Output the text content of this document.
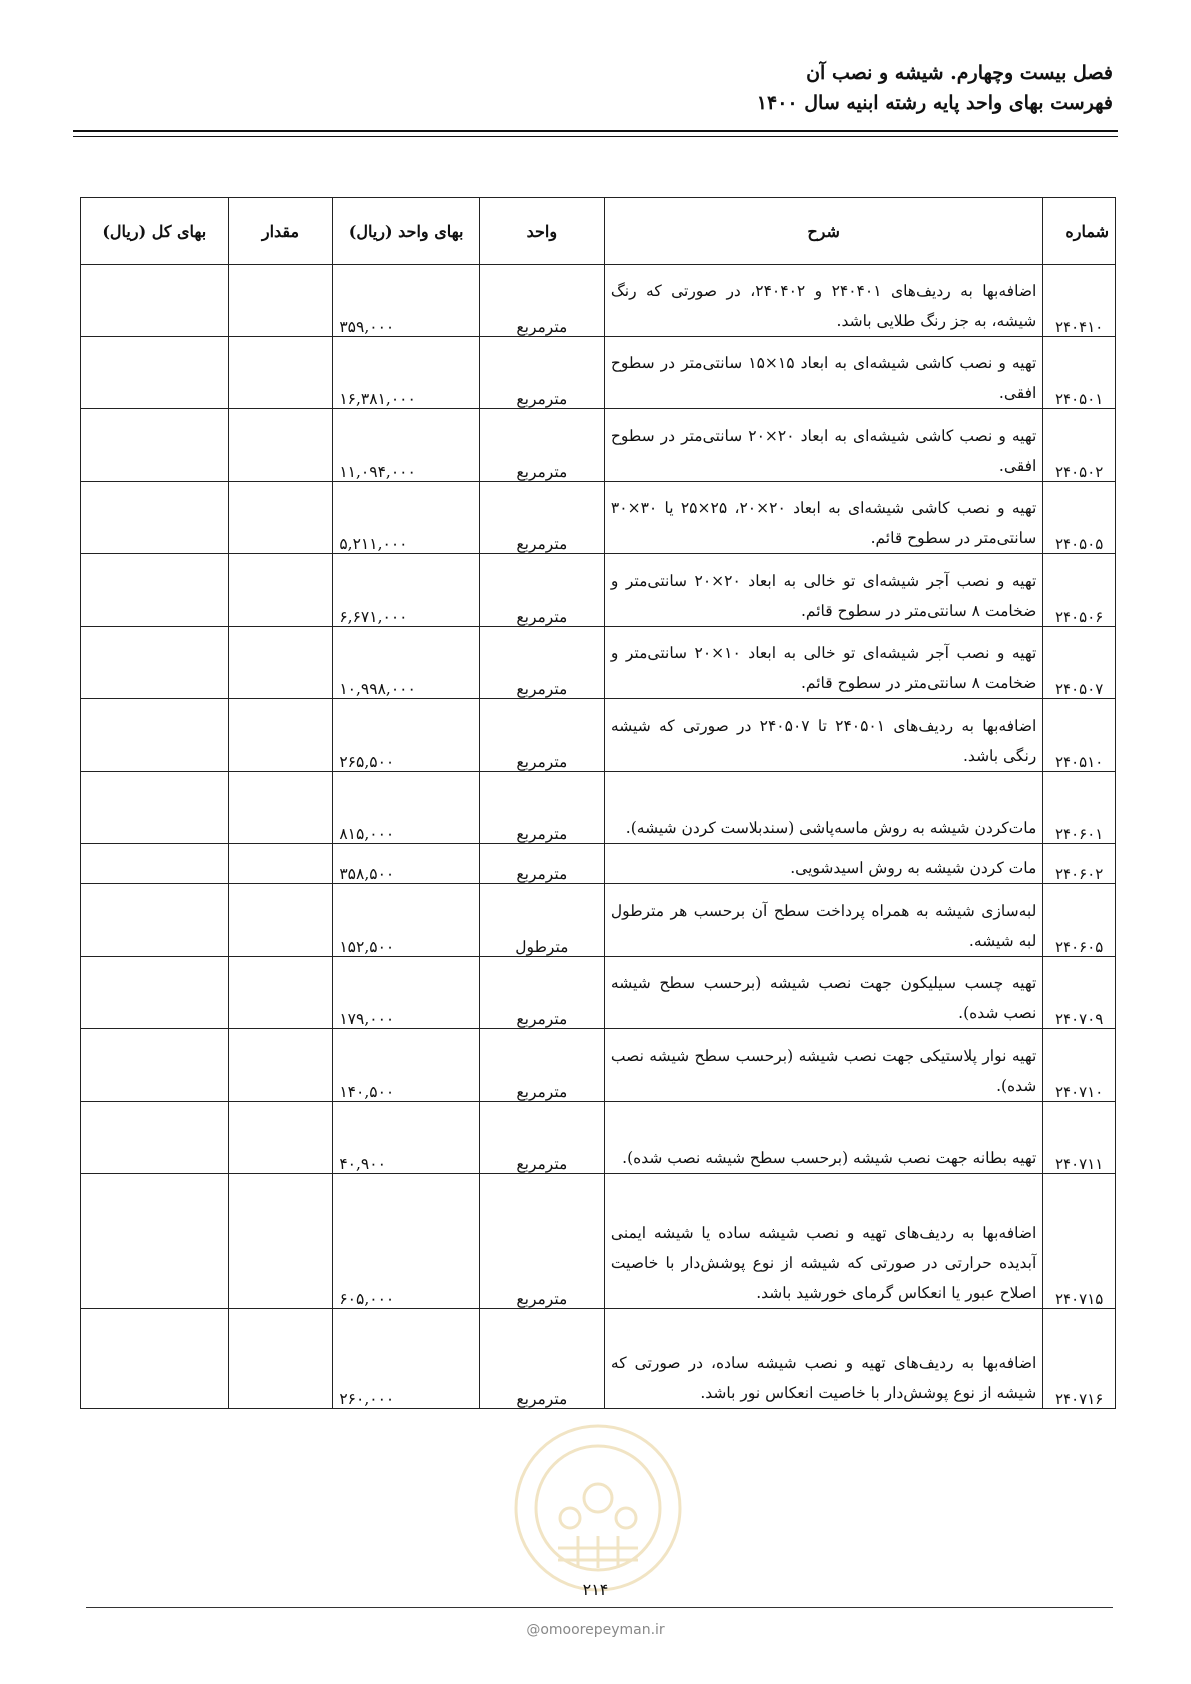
فصل بیست وچهارم. شیشه و نصب آن
فهرست بهای واحد پایه رشته ابنیه سال ۱۴۰۰
شماره	شرح	واحد	بهای واحد (ریال)	مقدار	بهای کل (ریال)
۲۴۰۴۱۰	اضافه‌بها به ردیف‌های ۲۴۰۴۰۱ و ۲۴۰۴۰۲، در صورتی که رنگ شیشه، به جز رنگ طلایی باشد.	مترمربع	۳۵۹,۰۰۰		
۲۴۰۵۰۱	تهیه و نصب کاشی شیشه‌ای به ابعاد ۱۵×۱۵ سانتی‌متر در سطوح افقی.	مترمربع	۱۶,۳۸۱,۰۰۰		
۲۴۰۵۰۲	تهیه و نصب کاشی شیشه‌ای به ابعاد ۲۰×۲۰ سانتی‌متر در سطوح افقی.	مترمربع	۱۱,۰۹۴,۰۰۰		
۲۴۰۵۰۵	تهیه و نصب کاشی شیشه‌ای به ابعاد ۲۰×۲۰، ۲۵×۲۵ یا ۳۰×۳۰ سانتی‌متر در سطوح قائم.	مترمربع	۵,۲۱۱,۰۰۰		
۲۴۰۵۰۶	تهیه و نصب آجر شیشه‌ای تو خالی به ابعاد ۲۰×۲۰ سانتی‌متر و ضخامت ۸ سانتی‌متر در سطوح قائم.	مترمربع	۶,۶۷۱,۰۰۰		
۲۴۰۵۰۷	تهیه و نصب آجر شیشه‌ای تو خالی به ابعاد ۱۰×۲۰ سانتی‌متر و ضخامت ۸ سانتی‌متر در سطوح قائم.	مترمربع	۱۰,۹۹۸,۰۰۰		
۲۴۰۵۱۰	اضافه‌بها به ردیف‌های ۲۴۰۵۰۱ تا ۲۴۰۵۰۷ در صورتی که شیشه رنگی باشد.	مترمربع	۲۶۵,۵۰۰		
۲۴۰۶۰۱	مات‌کردن شیشه به روش ماسه‌پاشی (سندبلاست کردن شیشه).	مترمربع	۸۱۵,۰۰۰		
۲۴۰۶۰۲	مات کردن شیشه به روش اسیدشویی.	مترمربع	۳۵۸,۵۰۰		
۲۴۰۶۰۵	لبه‌سازی شیشه به همراه پرداخت سطح آن برحسب هر مترطول لبه شیشه.	مترطول	۱۵۲,۵۰۰		
۲۴۰۷۰۹	تهیه چسب سیلیکون جهت نصب شیشه (برحسب سطح شیشه نصب شده).	مترمربع	۱۷۹,۰۰۰		
۲۴۰۷۱۰	تهیه نوار پلاستیکی جهت نصب شیشه (برحسب سطح شیشه نصب شده).	مترمربع	۱۴۰,۵۰۰		
۲۴۰۷۱۱	تهیه بطانه جهت نصب شیشه (برحسب سطح شیشه نصب شده).	مترمربع	۴۰,۹۰۰		
۲۴۰۷۱۵	اضافه‌بها به ردیف‌های تهیه و نصب شیشه ساده یا شیشه ایمنی آبدیده حرارتی در صورتی که شیشه از نوع پوشش‌دار با خاصیت اصلاح عبور یا انعکاس گرمای خورشید باشد.	مترمربع	۶۰۵,۰۰۰		
۲۴۰۷۱۶	اضافه‌بها به ردیف‌های تهیه و نصب شیشه ساده، در صورتی که شیشه از نوع پوشش‌دار با خاصیت انعکاس نور باشد.	مترمربع	۲۶۰,۰۰۰		
۲۱۴
@omoorepeyman.ir
